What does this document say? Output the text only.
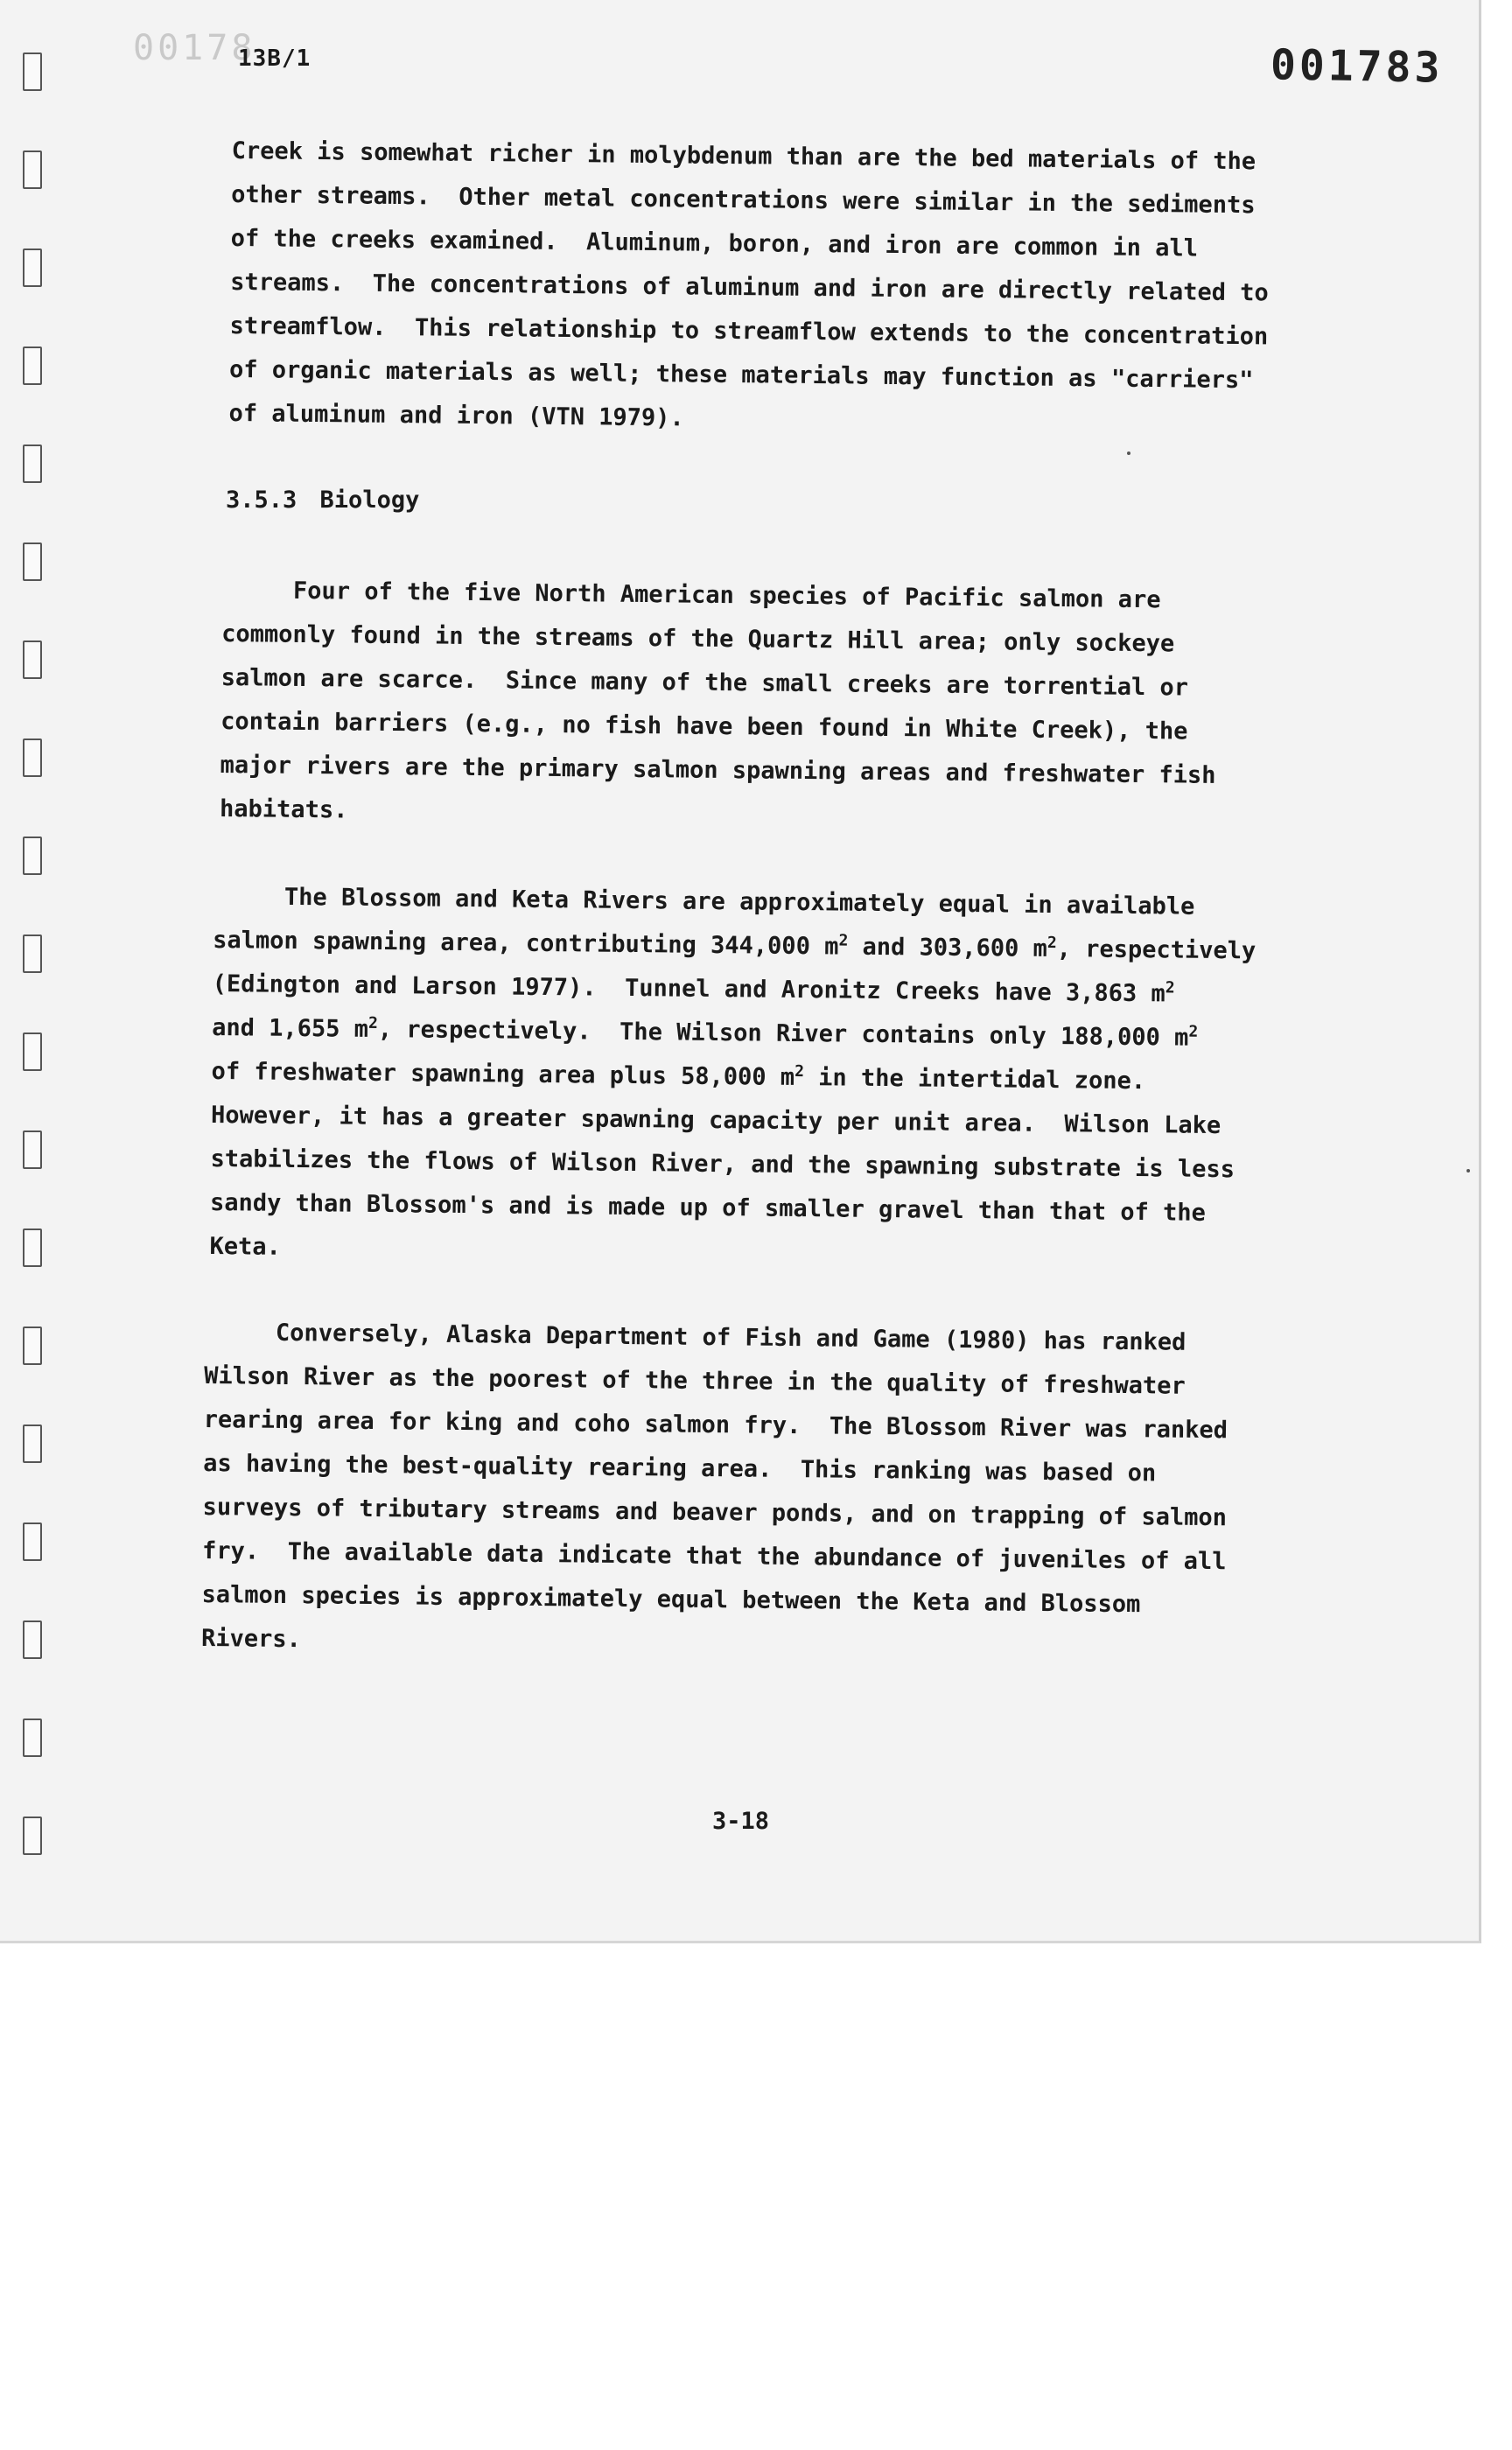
00178
13B/1	001783

Creek is somewhat richer in molybdenum than are the bed materials of the

other streams.  Other metal concentrations were similar in the sediments

of the creeks examined.  Aluminum, boron, and iron are common in all

streams.  The concentrations of aluminum and iron are directly related to

streamflow.  This relationship to streamflow extends to the concentration

of organic materials as well; these materials may function as "carriers"

of aluminum and iron (VTN 1979).

3.5.3 Biology

Four of the five North American species of Pacific salmon are

commonly found in the streams of the Quartz Hill area; only sockeye

salmon are scarce.  Since many of the small creeks are torrential or

contain barriers (e.g., no fish have been found in White Creek), the

major rivers are the primary salmon spawning areas and freshwater fish

habitats.

The Blossom and Keta Rivers are approximately equal in available

salmon spawning area, contributing 344,000 $m^2$ and 303,600 $m^2$, respectively

(Edington and Larson 1977).  Tunnel and Aronitz Creeks have 3,863 $m^2$

and 1,655 $m^2$, respectively.  The Wilson River contains only 188,000 $m^2$

of freshwater spawning area plus 58,000 $m^2$ in the intertidal zone.

However, it has a greater spawning capacity per unit area.  Wilson Lake

stabilizes the flows of Wilson River, and the spawning substrate is less

sandy than Blossom's and is made up of smaller gravel than that of the

Keta.

Conversely, Alaska Department of Fish and Game (1980) has ranked

Wilson River as the poorest of the three in the quality of freshwater

rearing area for king and coho salmon fry.  The Blossom River was ranked

as having the best-quality rearing area.  This ranking was based on

surveys of tributary streams and beaver ponds, and on trapping of salmon

fry.  The available data indicate that the abundance of juveniles of all

salmon species is approximately equal between the Keta and Blossom

Rivers.

3-18
